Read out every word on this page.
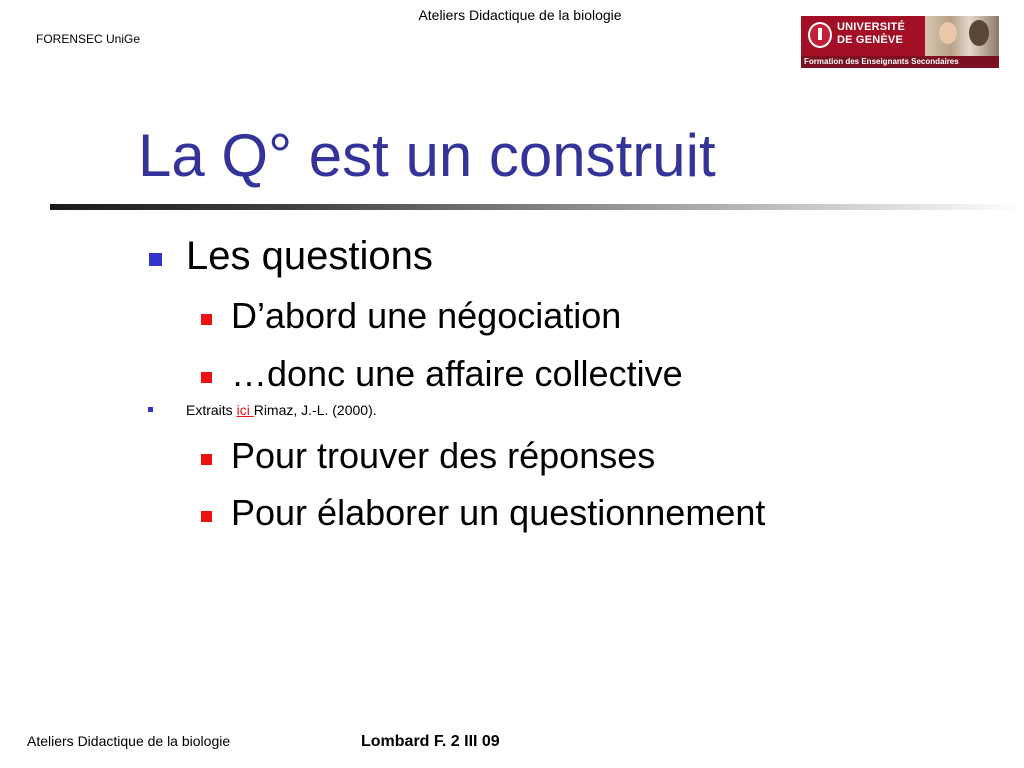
Ateliers Didactique de la biologie
FORENSEC UniGe
UNIVERSITÉ
DE GENÈVE
Formation des Enseignants Secondaires
La Q° est un construit
Les questions
D’abord une négociation
…donc une affaire collective
Extraits ici Rimaz, J.-L. (2000).
Pour trouver des réponses
Pour élaborer un questionnement
Ateliers Didactique de la biologie	Lombard F. 2 III 09
